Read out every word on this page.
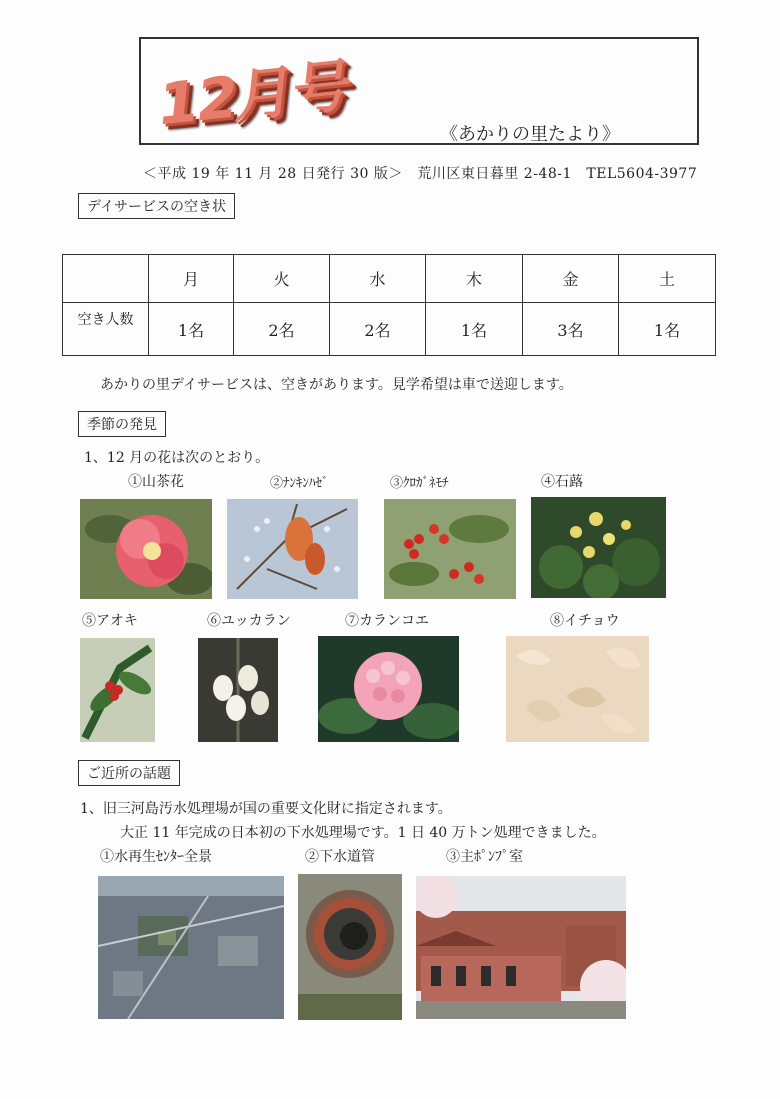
12月号	《あかりの里たより》
＜平成 19 年 11 月 28 日発行 30 版＞　荒川区東日暮里 2-48-1　TEL5604-3977
デイサービスの空き状
	月	火	水	木	金	土
空き人数	1名	2名	2名	1名	3名	1名
あかりの里デイサービスは、空きがあります。見学希望は車で送迎します。
季節の発見
1、12 月の花は次のとおり。
①山茶花	②ﾅﾝｷﾝﾊｾﾞ	③ｸﾛｶﾞﾈﾓﾁ	④石蕗
⑤アオキ	⑥ユッカラン	⑦カランコエ	⑧イチョウ
ご近所の話題
1、旧三河島汚水処理場が国の重要文化財に指定されます。
大正 11 年完成の日本初の下水処理場です。1 日 40 万トン処理できました。
①水再生ｾﾝﾀｰ全景	②下水道管	③主ﾎﾟﾝﾌﾟ室
